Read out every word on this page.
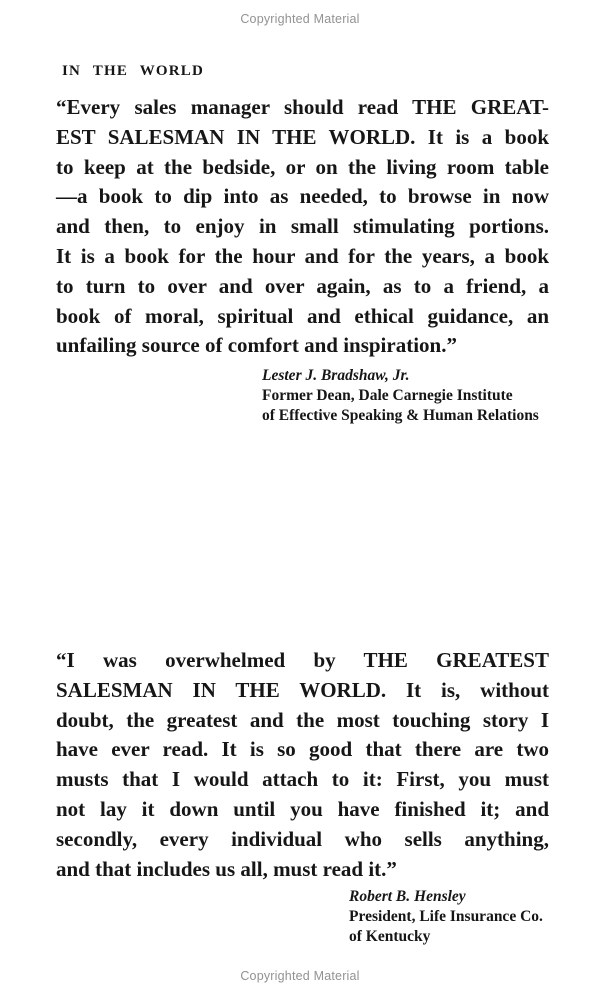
Copyrighted Material
IN THE WORLD
“Every sales manager should read THE GREAT-
EST SALESMAN IN THE WORLD. It is a book
to keep at the bedside, or on the living room table
—a book to dip into as needed, to browse in now
and then, to enjoy in small stimulating portions.
It is a book for the hour and for the years, a book
to turn to over and over again, as to a friend, a
book of moral, spiritual and ethical guidance, an
unfailing source of comfort and inspiration.”
Lester J. Bradshaw, Jr.
Former Dean, Dale Carnegie Institute
of Effective Speaking & Human Relations
“I was overwhelmed by THE GREATEST
SALESMAN IN THE WORLD. It is, without
doubt, the greatest and the most touching story I
have ever read. It is so good that there are two
musts that I would attach to it: First, you must
not lay it down until you have finished it; and
secondly, every individual who sells anything,
and that includes us all, must read it.”
Robert B. Hensley
President, Life Insurance Co.
of Kentucky
Copyrighted Material
